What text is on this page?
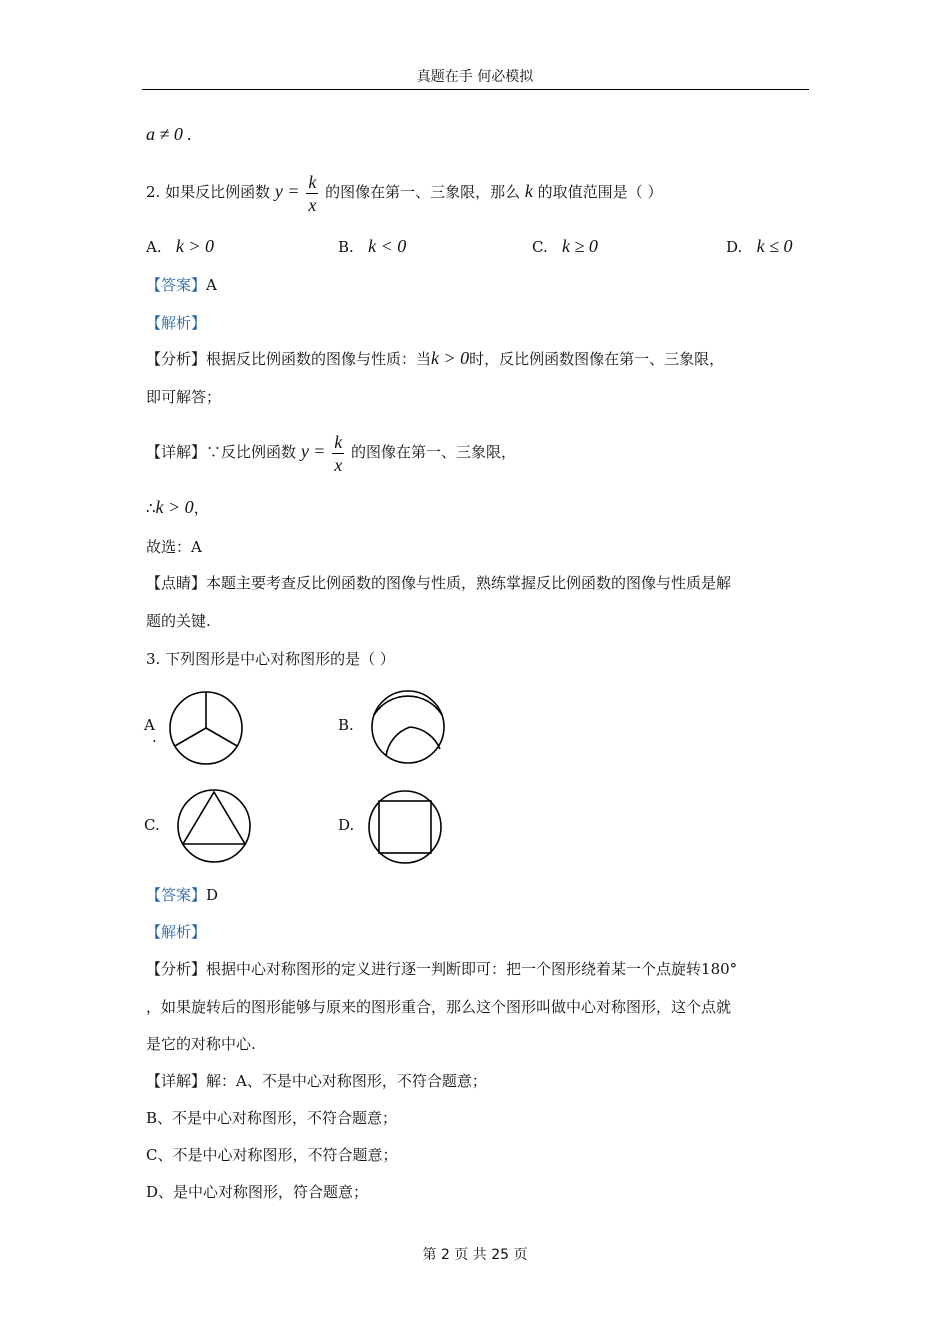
真题在手 何必模拟
a ≠ 0 .
2. 如果反比例函数 $y = \frac{k}{x}$ 的图像在第一、三象限，那么 k 的取值范围是（ ）
A. k > 0	B. k < 0	C. k ≥ 0	D. k ≤ 0
【答案】A
【解析】
【分析】根据反比例函数的图像与性质：当k > 0时，反比例函数图像在第一、三象限，
即可解答；
【详解】∵反比例函数 $y = \frac{k}{x}$ 的图像在第一、三象限，
∴k > 0，
故选：A
【点睛】本题主要考查反比例函数的图像与性质，熟练掌握反比例函数的图像与性质是解
题的关键.
3. 下列图形是中心对称图形的是（ ）
A
.
B.
C.	D.
【答案】D
【解析】
【分析】根据中心对称图形的定义进行逐一判断即可：把一个图形绕着某一个点旋转180°
，如果旋转后的图形能够与原来的图形重合，那么这个图形叫做中心对称图形，这个点就
是它的对称中心.
【详解】解：A、不是中心对称图形，不符合题意；
B、不是中心对称图形，不符合题意；
C、不是中心对称图形，不符合题意；
D、是中心对称图形，符合题意；
第 2 页 共 25 页
